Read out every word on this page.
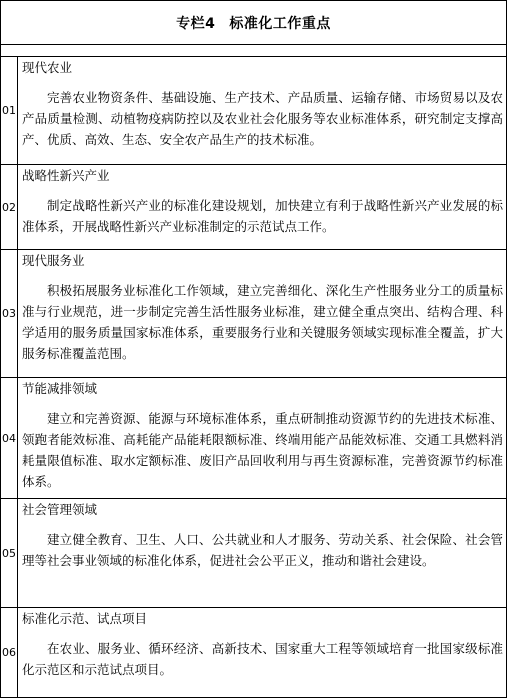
专栏4 标准化工作重点	

01	现代农业

完善农业物资条件、基础设施、生产技术、产品质量、运输存储、市场贸易以及农产品质量检测、动植物疫病防控以及农业社会化服务等农业标准体系，研究制定支撑高产、优质、高效、生态、安全农产品生产的技术标准。

02	战略性新兴产业

制定战略性新兴产业的标准化建设规划，加快建立有利于战略性新兴产业发展的标准体系，开展战略性新兴产业标准制定的示范试点工作。

03	现代服务业

积极拓展服务业标准化工作领域，建立完善细化、深化生产性服务业分工的质量标准与行业规范，进一步制定完善生活性服务业标准，建立健全重点突出、结构合理、科学适用的服务质量国家标准体系，重要服务行业和关键服务领域实现标准全覆盖，扩大服务标准覆盖范围。

04	节能减排领域

建立和完善资源、能源与环境标准体系，重点研制推动资源节约的先进技术标准、领跑者能效标准、高耗能产品能耗限额标准、终端用能产品能效标准、交通工具燃料消耗量限值标准、取水定额标准、废旧产品回收利用与再生资源标准，完善资源节约标准体系。

05	社会管理领域

建立健全教育、卫生、人口、公共就业和人才服务、劳动关系、社会保险、社会管理等社会事业领域的标准化体系，促进社会公平正义，推动和谐社会建设。

06	标准化示范、试点项目

在农业、服务业、循环经济、高新技术、国家重大工程等领域培育一批国家级标准化示范区和示范试点项目。
